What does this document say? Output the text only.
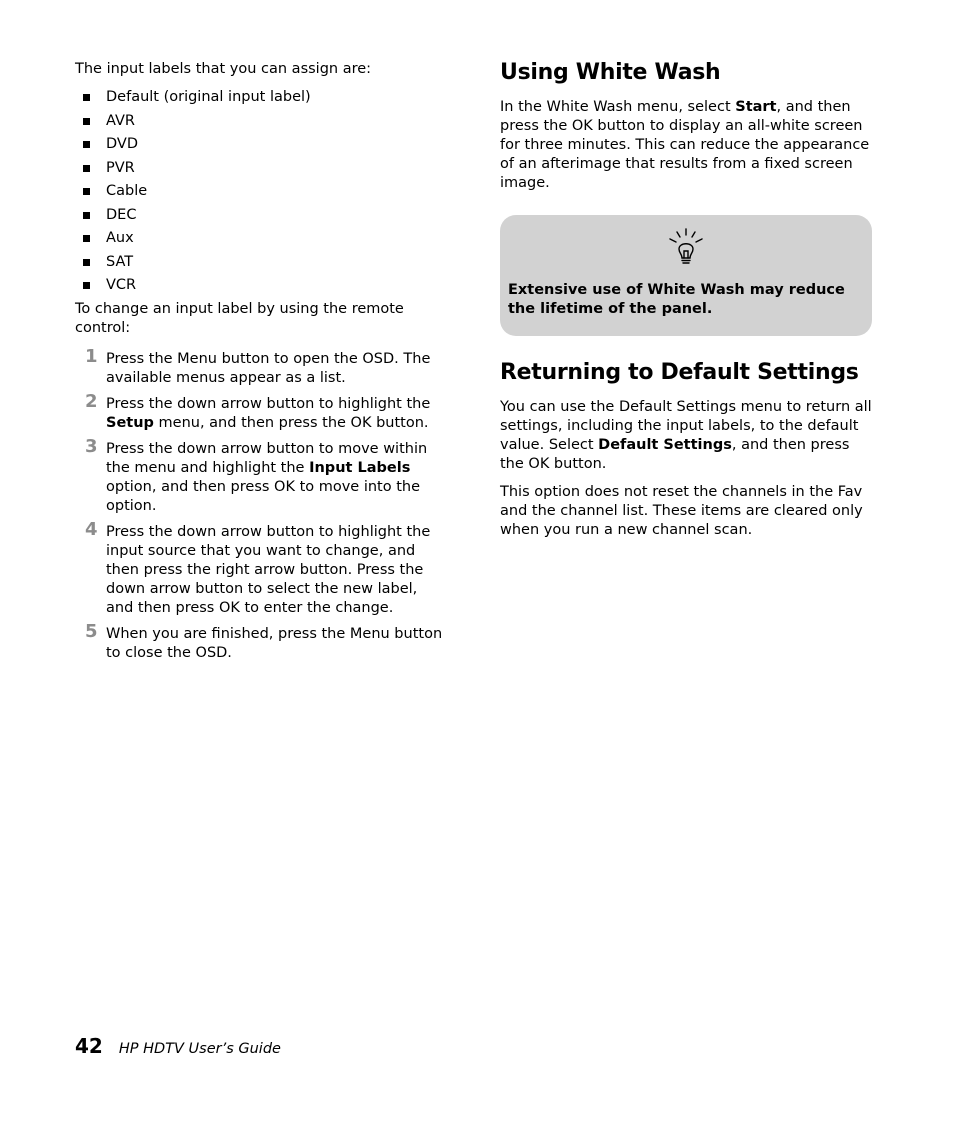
The input labels that you can assign are:

Default (original input label)
AVR
DVD
PVR
Cable
DEC
Aux
SAT
VCR

To change an input label by using the remote control:

1 Press the Menu button to open the OSD. The available menus appear as a list.
2 Press the down arrow button to highlight the Setup menu, and then press the OK button.
3 Press the down arrow button to move within the menu and highlight the Input Labels option, and then press OK to move into the option.
4 Press the down arrow button to highlight the input source that you want to change, and then press the right arrow button. Press the down arrow button to select the new label, and then press OK to enter the change.
5 When you are finished, press the Menu button to close the OSD.
Using White Wash

In the White Wash menu, select Start, and then press the OK button to display an all-white screen for three minutes. This can reduce the appearance of an afterimage that results from a fixed screen image.

Extensive use of White Wash may reduce the lifetime of the panel.

Returning to Default Settings

You can use the Default Settings menu to return all settings, including the input labels, to the default value. Select Default Settings, and then press the OK button.

This option does not reset the channels in the Fav and the channel list. These items are cleared only when you run a new channel scan.

42 HP HDTV User’s Guide
